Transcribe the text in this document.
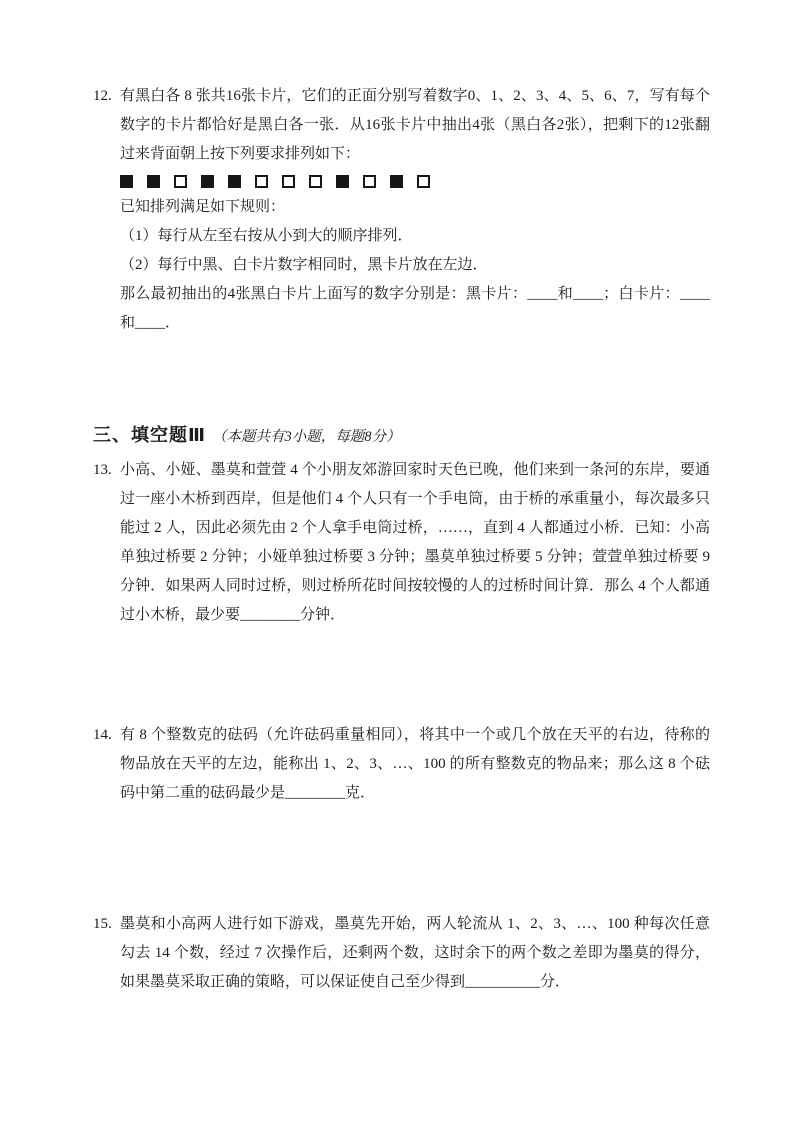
12. 有黑白各 8 张共16张卡片，它们的正面分别写着数字0、1、2、3、4、5、6、7，写有每个数字的卡片都恰好是黑白各一张．从16张卡片中抽出4张（黑白各2张），把剩下的12张翻过来背面朝上按下列要求排列如下：
已知排列满足如下规则：
（1）每行从左至右按从小到大的顺序排列．
（2）每行中黑、白卡片数字相同时，黑卡片放在左边．
那么最初抽出的4张黑白卡片上面写的数字分别是：黑卡片：____和____；白卡片：____和____．
三、填空题Ⅲ （本题共有3小题，每题8分）
13. 小高、小娅、墨莫和萱萱 4 个小朋友郊游回家时天色已晚，他们来到一条河的东岸，要通过一座小木桥到西岸，但是他们 4 个人只有一个手电筒，由于桥的承重量小，每次最多只能过 2 人，因此必须先由 2 个人拿手电筒过桥，……，直到 4 人都通过小桥．已知：小高单独过桥要 2 分钟；小娅单独过桥要 3 分钟；墨莫单独过桥要 5 分钟；萱萱单独过桥要 9 分钟．如果两人同时过桥，则过桥所花时间按较慢的人的过桥时间计算．那么 4 个人都通过小木桥，最少要________分钟．
14. 有 8 个整数克的砝码（允许砝码重量相同），将其中一个或几个放在天平的右边，待称的物品放在天平的左边，能称出 1、2、3、…、100 的所有整数克的物品来；那么这 8 个砝码中第二重的砝码最少是________克．
15. 墨莫和小高两人进行如下游戏，墨莫先开始，两人轮流从 1、2、3、…、100 种每次任意勾去 14 个数，经过 7 次操作后，还剩两个数，这时余下的两个数之差即为墨莫的得分，如果墨莫采取正确的策略，可以保证使自己至少得到__________分．
